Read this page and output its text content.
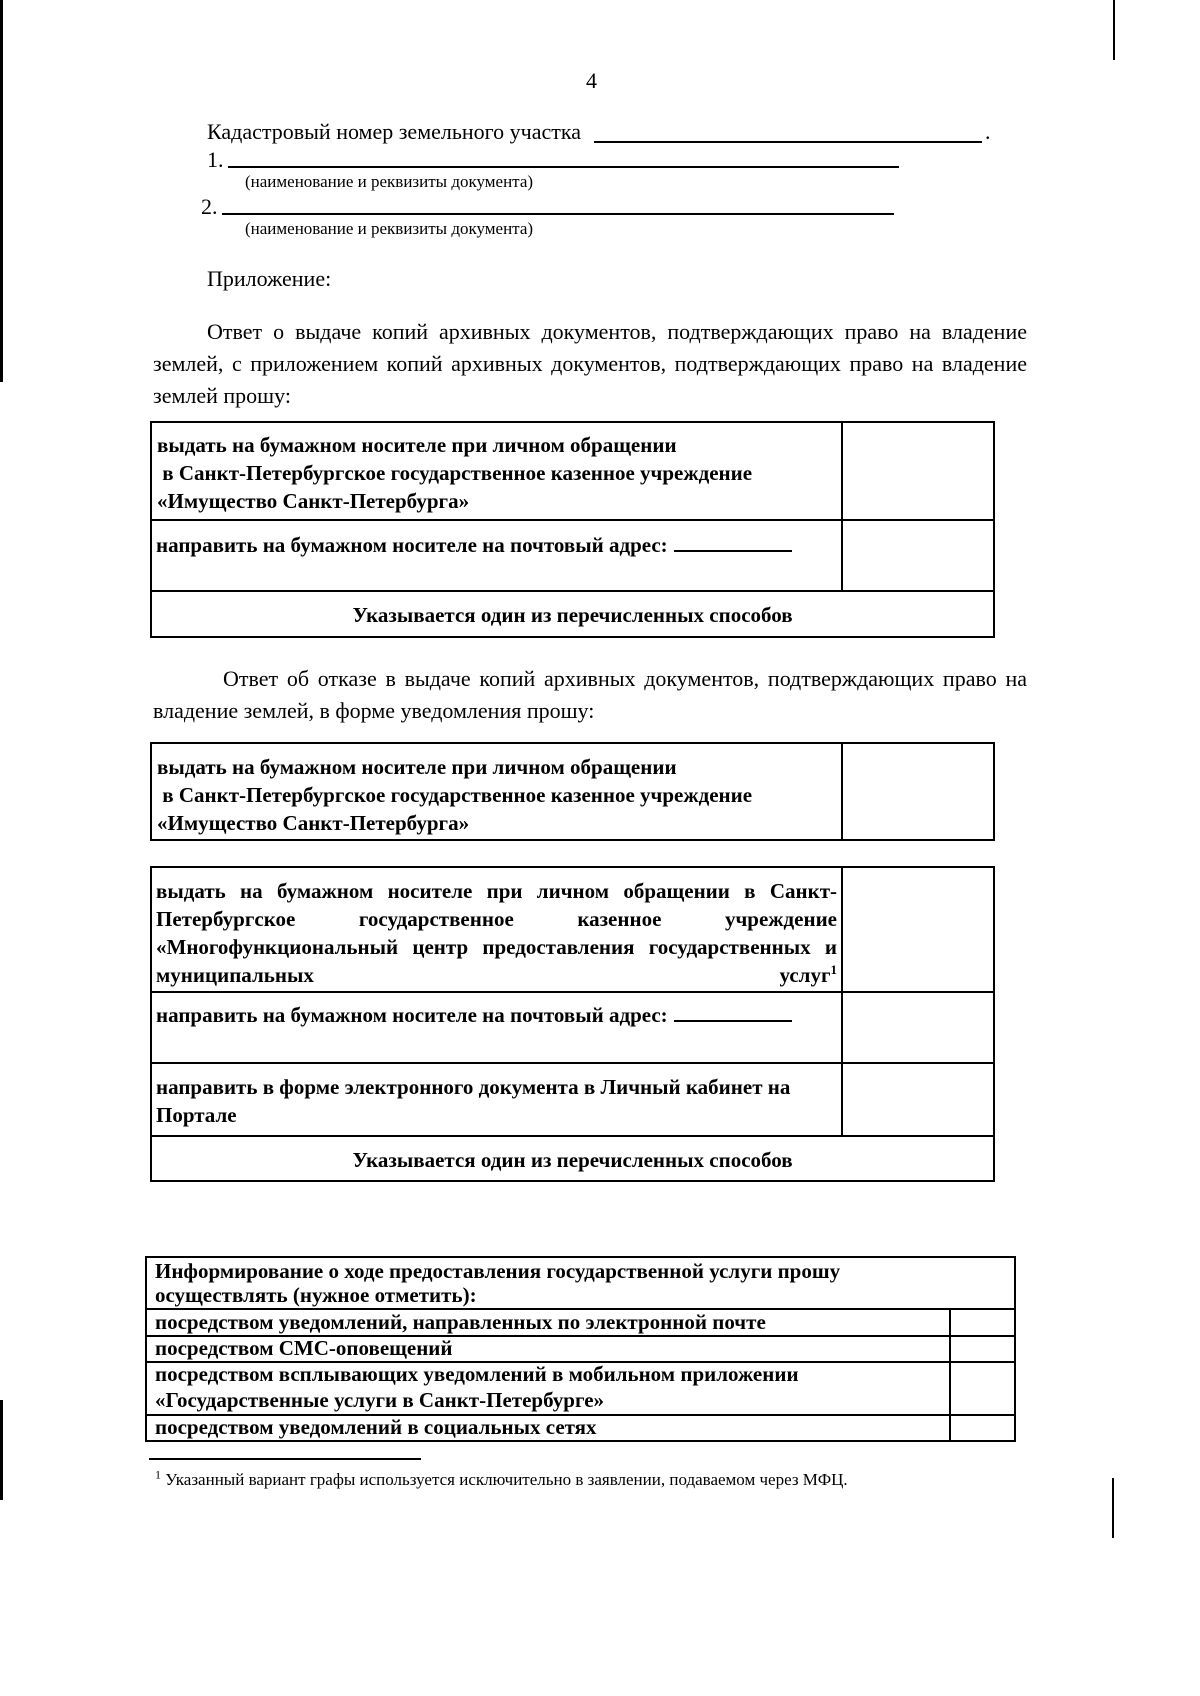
4
Кадастровый номер земельного участка	.
1.
(наименование и реквизиты документа)
2.
(наименование и реквизиты документа)
Приложение:
Ответ о выдаче копий архивных документов, подтверждающих право на владение землей, с приложением копий архивных документов, подтверждающих право на владение землей прошу:
выдать на бумажном носителе при личном обращении
в Санкт-Петербургское государственное казенное учреждение
«Имущество Санкт-Петербурга»
направить на бумажном носителе на почтовый адрес:
Указывается один из перечисленных способов
Ответ об отказе в выдаче копий архивных документов, подтверждающих право на владение землей, в форме уведомления прошу:
выдать на бумажном носителе при личном обращении
в Санкт-Петербургское государственное казенное учреждение
«Имущество Санкт-Петербурга»
выдать на бумажном носителе при личном обращении в Санкт-Петербургское государственное казенное учреждение «Многофункциональный центр предоставления государственных и муниципальных услуг$^1$
направить на бумажном носителе на почтовый адрес:
направить в форме электронного документа в Личный кабинет на Портале
Указывается один из перечисленных способов
Информирование о ходе предоставления государственной услуги прошу осуществлять (нужное отметить):
посредством уведомлений, направленных по электронной почте
посредством СМС-оповещений
посредством всплывающих уведомлений в мобильном приложении «Государственные услуги в Санкт-Петербурге»
посредством уведомлений в социальных сетях
$^1$ Указанный вариант графы используется исключительно в заявлении, подаваемом через МФЦ.
